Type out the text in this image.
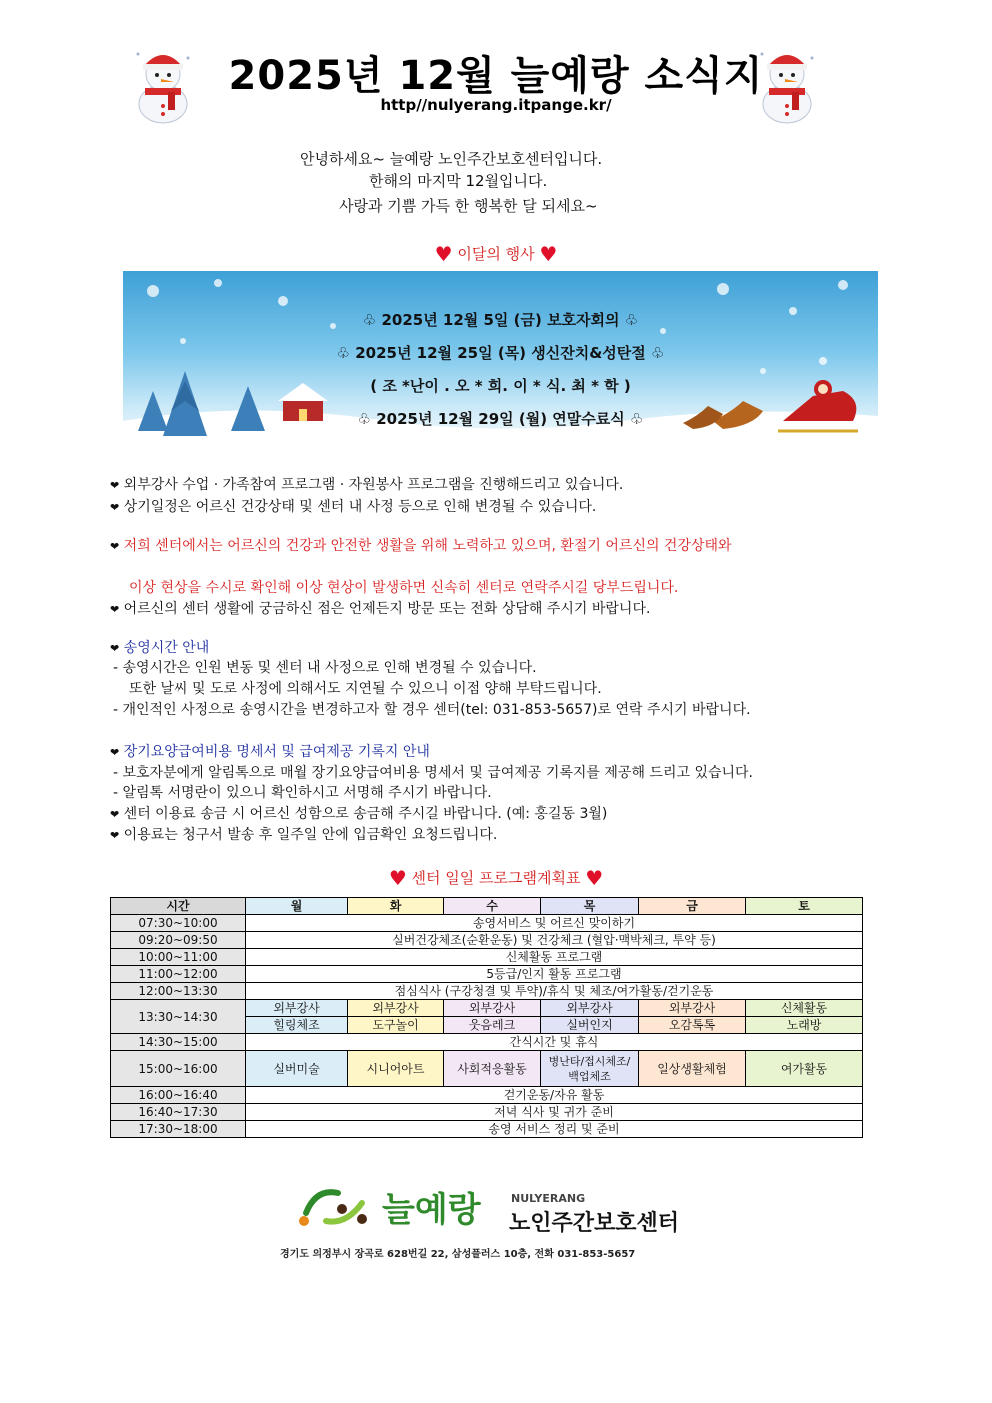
2025년 12월 늘예랑 소식지
http//nulyerang.itpange.kr/
안녕하세요~ 늘예랑 노인주간보호센터입니다.
한해의 마지막 12월입니다.
사랑과 기쁨 가득 한 행복한 달 되세요~
♥ 이달의 행사 ♥
♧ 2025년 12월 5일 (금) 보호자회의 ♧
♧ 2025년 12월 25일 (목) 생신잔치&성탄절 ♧
( 조 *난이 . 오 * 희. 이 * 식. 최 * 학 )
♧ 2025년 12월 29일 (월) 연말수료식 ♧
❤ 외부강사 수업 · 가족참여 프로그램 · 자원봉사 프로그램을 진행해드리고 있습니다.
❤ 상기일정은 어르신 건강상태 및 센터 내 사정 등으로 인해 변경될 수 있습니다.
❤ 저희 센터에서는 어르신의 건강과 안전한 생활을 위해 노력하고 있으며, 환절기 어르신의 건강상태와
이상 현상을 수시로 확인해 이상 현상이 발생하면 신속히 센터로 연락주시길 당부드립니다.
❤ 어르신의 센터 생활에 궁금하신 점은 언제든지 방문 또는 전화 상담해 주시기 바랍니다.
❤ 송영시간 안내
- 송영시간은 인원 변동 및 센터 내 사정으로 인해 변경될 수 있습니다.
또한 날씨 및 도로 사정에 의해서도 지연될 수 있으니 이점 양해 부탁드립니다.
- 개인적인 사정으로 송영시간을 변경하고자 할 경우 센터(tel: 031-853-5657)로 연락 주시기 바랍니다.
❤ 장기요양급여비용 명세서 및 급여제공 기록지 안내
- 보호자분에게 알림톡으로 매월 장기요양급여비용 명세서 및 급여제공 기록지를 제공해 드리고 있습니다.
- 알림톡 서명란이 있으니 확인하시고 서명해 주시기 바랍니다.
❤ 센터 이용료 송금 시 어르신 성함으로 송금해 주시길 바랍니다. (예: 홍길동 3월)
❤ 이용료는 청구서 발송 후 일주일 안에 입금확인 요청드립니다.
♥ 센터 일일 프로그램계획표 ♥
시간	월	화	수	목	금	토
07:30~10:00	송영서비스 및 어르신 맞이하기					
09:20~09:50	실버건강체조(순환운동) 및 건강체크 (혈압·맥박체크, 투약 등)					
10:00~11:00	신체활동 프로그램					
11:00~12:00	5등급/인지 활동 프로그램					
12:00~13:30	점심식사 (구강청결 및 투약)/휴식 및 체조/여가활동/걷기운동					
13:30~14:30	외부강사	외부강사	외부강사	외부강사	외부강사	신체활동
	힐링체조	도구놀이	웃음레크	실버인지	오감톡톡	노래방
14:30~15:00	간식시간 및 휴식					
15:00~16:00	실버미술	시니어아트	사회적응활동	병난타/접시체조/
백업체조	일상생활체험	여가활동
16:00~16:40	걷기운동/자유 활동					
16:40~17:30	저녁 식사 및 귀가 준비					
17:30~18:00	송영 서비스 정리 및 준비					
늘예랑	NULYERANG
노인주간보호센터
경기도 의정부시 장곡로 628번길 22, 삼성플러스 10층, 전화 031-853-5657
